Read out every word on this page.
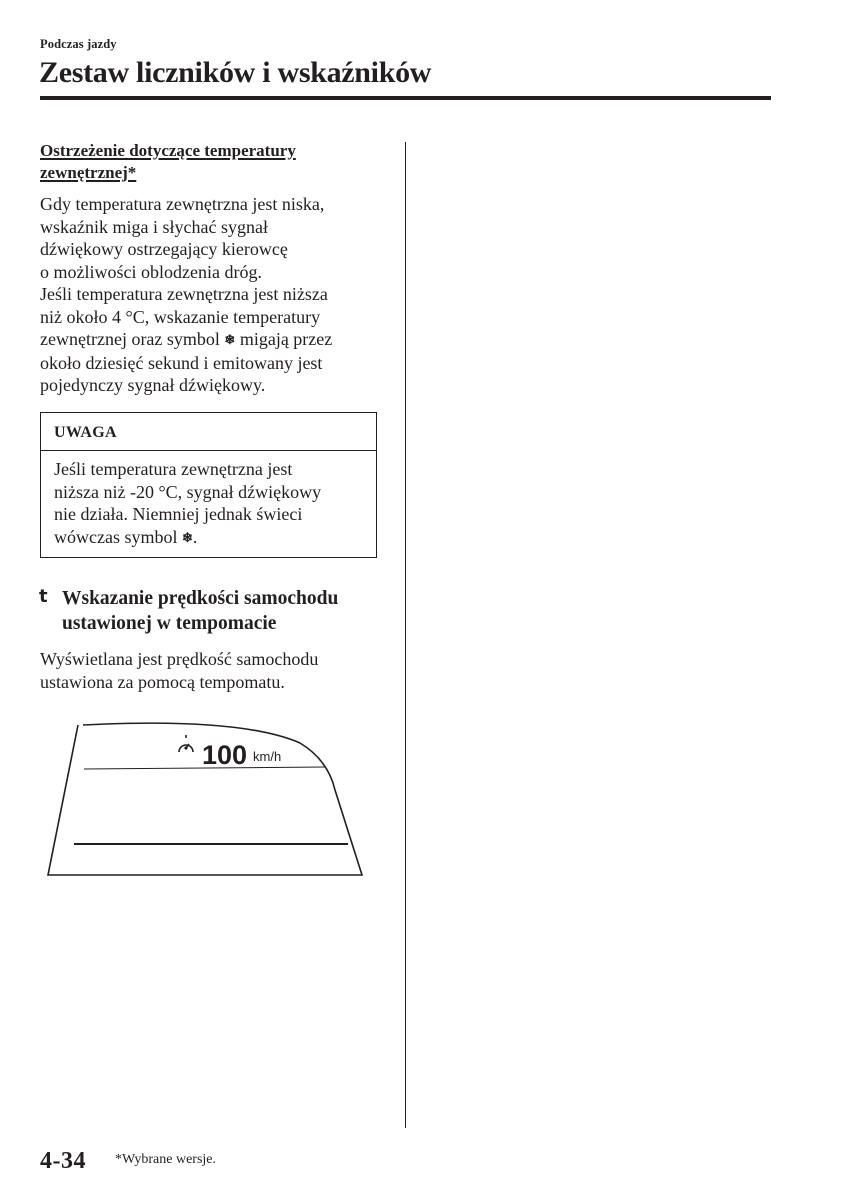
Podczas jazdy
Zestaw liczników i wskaźników
Ostrzeżenie dotyczące temperatury
zewnętrznej*
Gdy temperatura zewnętrzna jest niska,
wskaźnik miga i słychać sygnał
dźwiękowy ostrzegający kierowcę
o możliwości oblodzenia dróg.
Jeśli temperatura zewnętrzna jest niższa
niż około 4 °C, wskazanie temperatury
zewnętrznej oraz symbol ❄ migają przez
około dziesięć sekund i emitowany jest
pojedynczy sygnał dźwiękowy.
UWAGA
Jeśli temperatura zewnętrzna jest
niższa niż -20 °C, sygnał dźwiękowy
nie działa. Niemniej jednak świeci
wówczas symbol ❄.
t Wskazanie prędkości samochodu
ustawionej w tempomacie
Wyświetlana jest prędkość samochodu
ustawiona za pomocą tempomatu.
100 km/h
4-34 *Wybrane wersje.
